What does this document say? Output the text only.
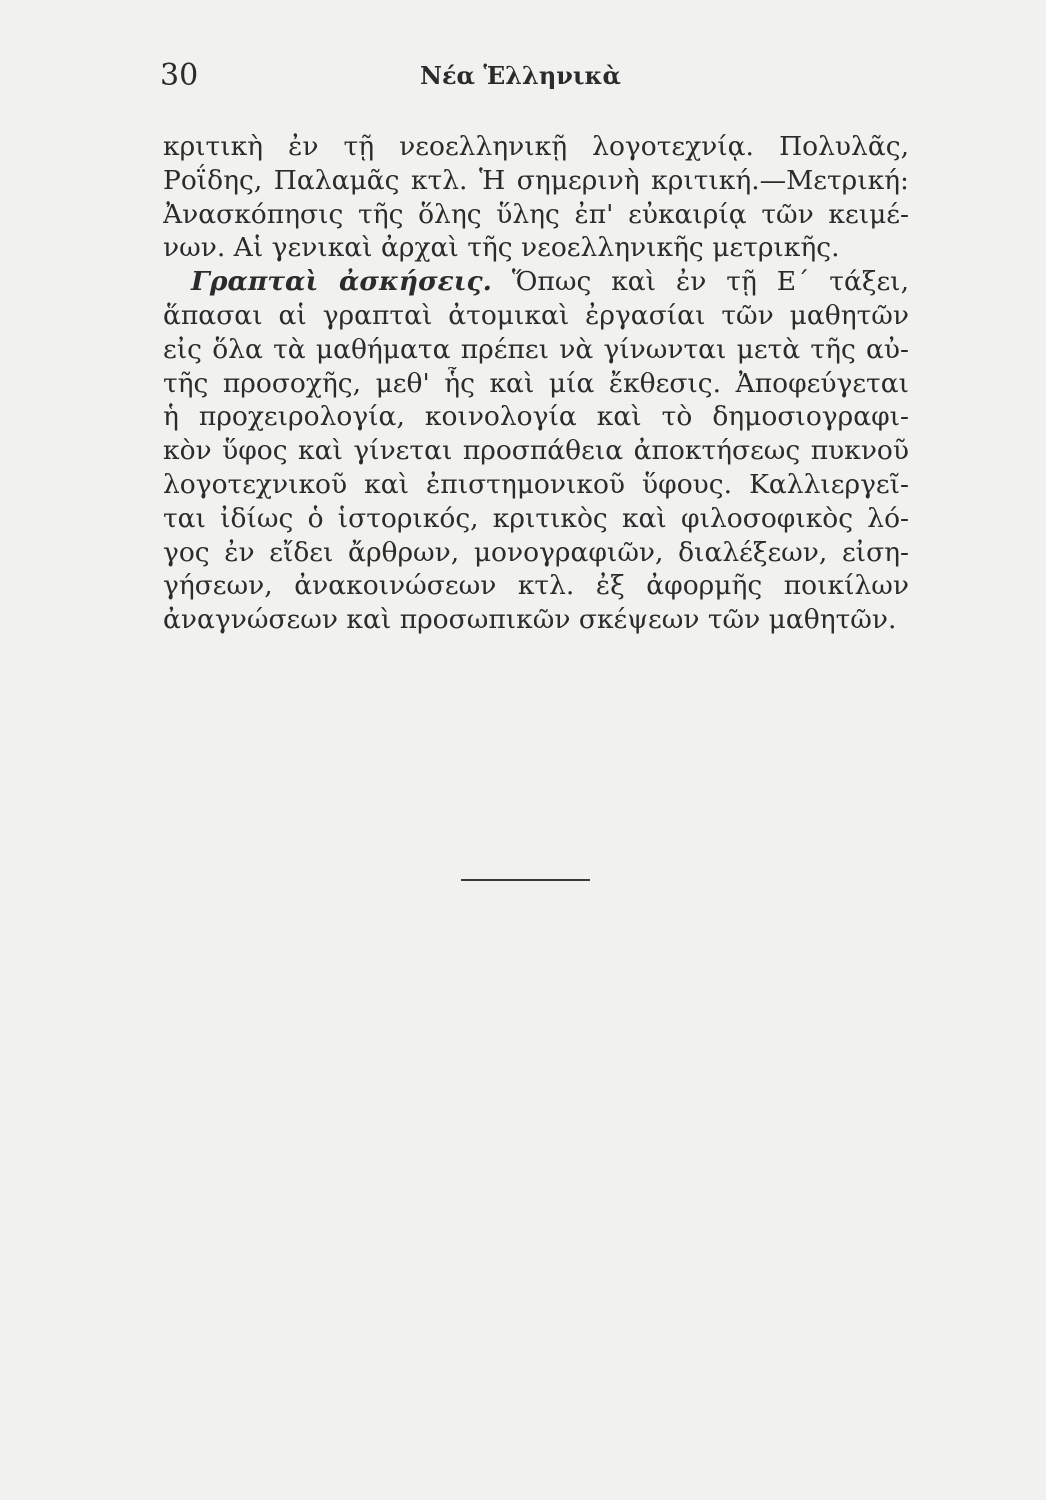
30	Νέα Ἑλληνικὰ
κριτικὴ ἐν τῇ νεοελληνικῇ λογοτεχνίᾳ. Πολυλᾶς,
Ροΐδης, Παλαμᾶς κτλ. Ἡ σημερινὴ κριτική.—Μετρική:
Ἀνασκόπησις τῆς ὅλης ὕλης ἐπ' εὐκαιρίᾳ τῶν κειμέ-
νων. Αἱ γενικαὶ ἀρχαὶ τῆς νεοελληνικῆς μετρικῆς.
Γραπταὶ ἀσκήσεις. Ὅπως καὶ ἐν τῇ Ε΄ τάξει,
ἅπασαι αἱ γραπταὶ ἀτομικαὶ ἐργασίαι τῶν μαθητῶν
εἰς ὅλα τὰ μαθήματα πρέπει νὰ γίνωνται μετὰ τῆς αὐ-
τῆς προσοχῆς, μεθ' ἧς καὶ μία ἔκθεσις. Ἀποφεύγεται
ἡ προχειρολογία, κοινολογία καὶ τὸ δημοσιογραφι-
κὸν ὕφος καὶ γίνεται προσπάθεια ἀποκτήσεως πυκνοῦ
λογοτεχνικοῦ καὶ ἐπιστημονικοῦ ὕφους. Καλλιεργεῖ-
ται ἰδίως ὁ ἱστορικός, κριτικὸς καὶ φιλοσοφικὸς λό-
γος ἐν εἴδει ἄρθρων, μονογραφιῶν, διαλέξεων, εἰση-
γήσεων, ἀνακοινώσεων κτλ. ἐξ ἀφορμῆς ποικίλων
ἀναγνώσεων καὶ προσωπικῶν σκέψεων τῶν μαθητῶν.
